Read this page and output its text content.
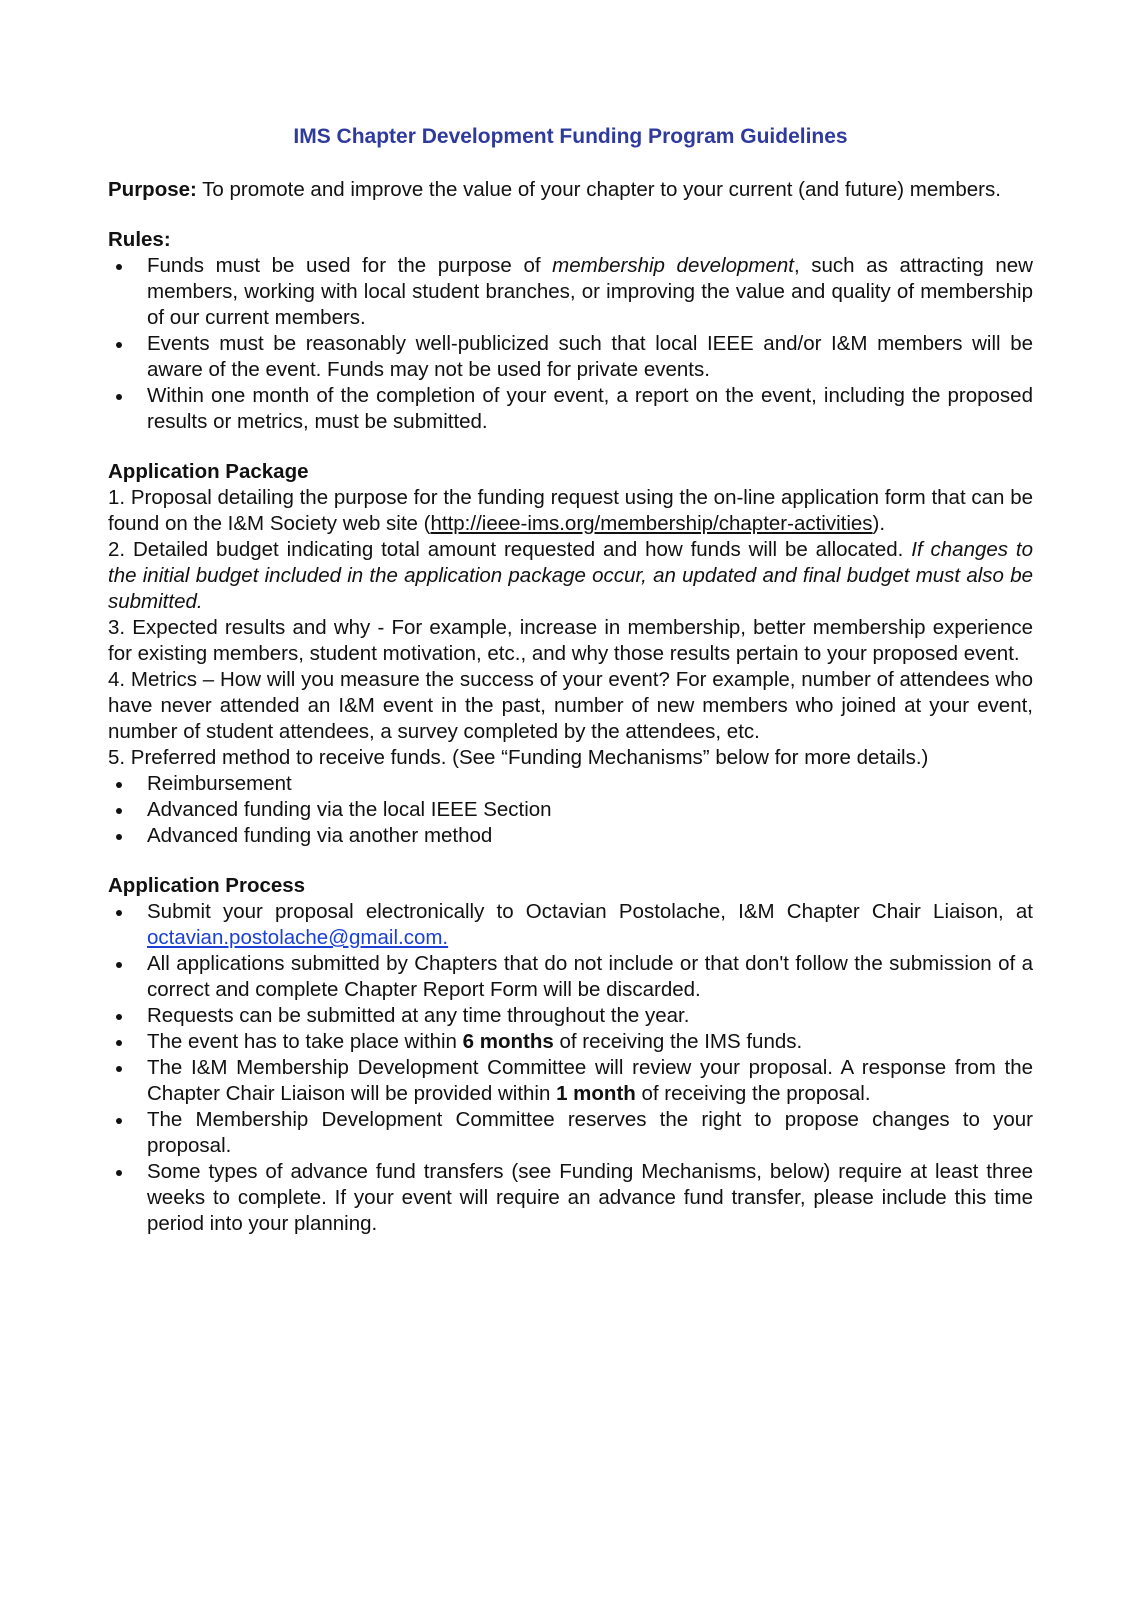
IMS Chapter Development Funding Program Guidelines

Purpose: To promote and improve the value of your chapter to your current (and future) members.

Rules:

Funds must be used for the purpose of membership development, such as attracting new members, working with local student branches, or improving the value and quality of membership of our current members.
Events must be reasonably well-publicized such that local IEEE and/or I&M members will be aware of the event. Funds may not be used for private events.
Within one month of the completion of your event, a report on the event, including the proposed results or metrics, must be submitted.

Application Package

1. Proposal detailing the purpose for the funding request using the on-line application form that can be found on the I&M Society web site (http://ieee-ims.org/membership/chapter-activities).

2. Detailed budget indicating total amount requested and how funds will be allocated. If changes to the initial budget included in the application package occur, an updated and final budget must also be submitted.

3. Expected results and why - For example, increase in membership, better membership experience for existing members, student motivation, etc., and why those results pertain to your proposed event.

4. Metrics – How will you measure the success of your event? For example, number of attendees who have never attended an I&M event in the past, number of new members who joined at your event, number of student attendees, a survey completed by the attendees, etc.

5. Preferred method to receive funds. (See “Funding Mechanisms” below for more details.)

Reimbursement
Advanced funding via the local IEEE Section
Advanced funding via another method

Application Process

Submit your proposal electronically to Octavian Postolache, I&M Chapter Chair Liaison, at octavian.postolache@gmail.com.
All applications submitted by Chapters that do not include or that don't follow the submission of a correct and complete Chapter Report Form will be discarded.
Requests can be submitted at any time throughout the year.
The event has to take place within 6 months of receiving the IMS funds.
The I&M Membership Development Committee will review your proposal. A response from the Chapter Chair Liaison will be provided within 1 month of receiving the proposal.
The Membership Development Committee reserves the right to propose changes to your proposal.
Some types of advance fund transfers (see Funding Mechanisms, below) require at least three weeks to complete. If your event will require an advance fund transfer, please include this time period into your planning.
